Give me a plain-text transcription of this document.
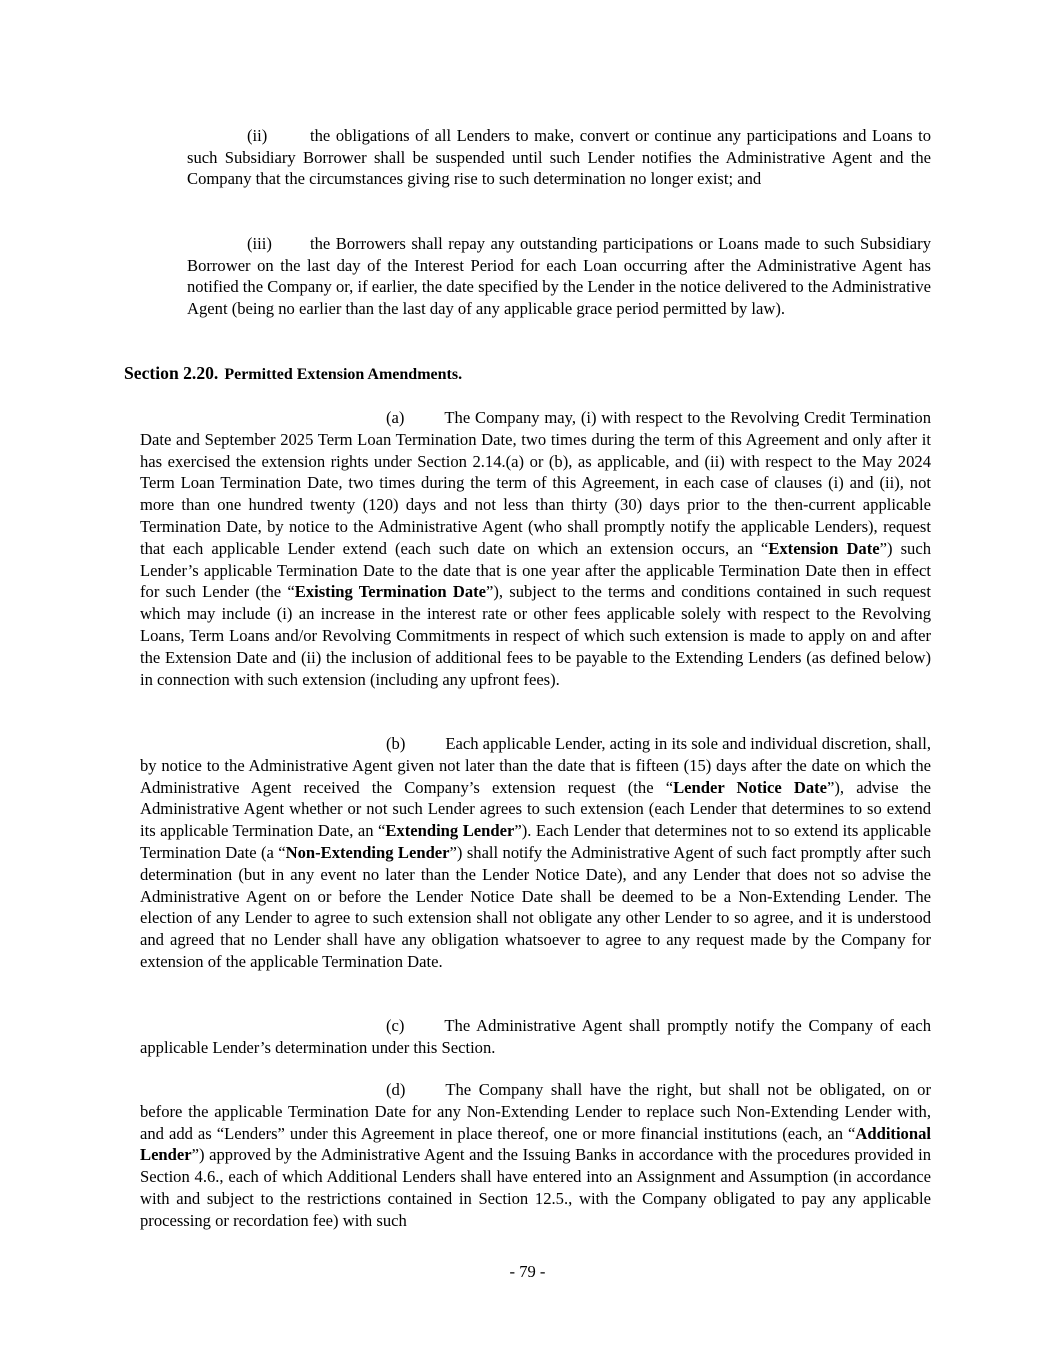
(ii)	the obligations of all Lenders to make, convert or continue any participations and Loans to such Subsidiary Borrower shall be suspended until such Lender notifies the Administrative Agent and the Company that the circumstances giving rise to such determination no longer exist; and

(iii) the Borrowers shall repay any outstanding participations or Loans made to such Subsidiary Borrower on the last day of the Interest Period for each Loan occurring after the Administrative Agent has notified the Company or, if earlier, the date specified by the Lender in the notice delivered to the Administrative Agent (being no earlier than the last day of any applicable grace period permitted by law).

Section 2.20. Permitted Extension Amendments.

(a) The Company may, (i) with respect to the Revolving Credit Termination Date and September 2025 Term Loan Termination Date, two times during the term of this Agreement and only after it has exercised the extension rights under Section 2.14.(a) or (b), as applicable, and (ii) with respect to the May 2024 Term Loan Termination Date, two times during the term of this Agreement, in each case of clauses (i) and (ii), not more than one hundred twenty (120) days and not less than thirty (30) days prior to the then-current applicable Termination Date, by notice to the Administrative Agent (who shall promptly notify the applicable Lenders), request that each applicable Lender extend (each such date on which an extension occurs, an “Extension Date”) such Lender’s applicable Termination Date to the date that is one year after the applicable Termination Date then in effect for such Lender (the “Existing Termination Date”), subject to the terms and conditions contained in such request which may include (i) an increase in the interest rate or other fees applicable solely with respect to the Revolving Loans, Term Loans and/or Revolving Commitments in respect of which such extension is made to apply on and after the Extension Date and (ii) the inclusion of additional fees to be payable to the Extending Lenders (as defined below) in connection with such extension (including any upfront fees).

(b) Each applicable Lender, acting in its sole and individual discretion, shall, by notice to the Administrative Agent given not later than the date that is fifteen (15) days after the date on which the Administrative Agent received the Company’s extension request (the “Lender Notice Date”), advise the Administrative Agent whether or not such Lender agrees to such extension (each Lender that determines to so extend its applicable Termination Date, an “Extending Lender”). Each Lender that determines not to so extend its applicable Termination Date (a “Non-Extending Lender”) shall notify the Administrative Agent of such fact promptly after such determination (but in any event no later than the Lender Notice Date), and any Lender that does not so advise the Administrative Agent on or before the Lender Notice Date shall be deemed to be a Non-Extending Lender. The election of any Lender to agree to such extension shall not obligate any other Lender to so agree, and it is understood and agreed that no Lender shall have any obligation whatsoever to agree to any request made by the Company for extension of the applicable Termination Date.

(c) The Administrative Agent shall promptly notify the Company of each applicable Lender’s determination under this Section.

(d) The Company shall have the right, but shall not be obligated, on or before the applicable Termination Date for any Non-Extending Lender to replace such Non-Extending Lender with, and add as “Lenders” under this Agreement in place thereof, one or more financial institutions (each, an “Additional Lender”) approved by the Administrative Agent and the Issuing Banks in accordance with the procedures provided in Section 4.6., each of which Additional Lenders shall have entered into an Assignment and Assumption (in accordance with and subject to the restrictions contained in Section 12.5., with the Company obligated to pay any applicable processing or recordation fee) with such

- 79 -
